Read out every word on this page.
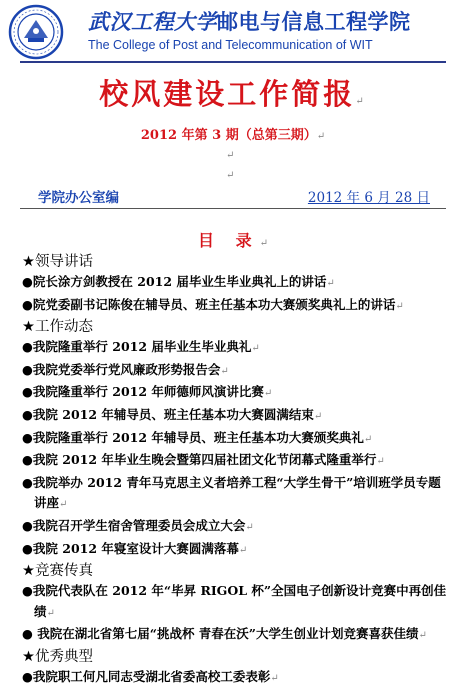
武汉工程大学邮电与信息工程学院
The College of Post and Telecommunication of WIT
校风建设工作简报↵
2012 年第 3 期（总第三期）↵
↵
↵
学院办公室编	2012 年 6 月 28 日
目 录↵
★领导讲话
●院长涂方剑教授在 2012 届毕业生毕业典礼上的讲话↵
●院党委副书记陈俊在辅导员、班主任基本功大赛颁奖典礼上的讲话↵
★工作动态
●我院隆重举行 2012 届毕业生毕业典礼↵
●我院党委举行党风廉政形势报告会↵
●我院隆重举行 2012 年师德师风演讲比赛↵
●我院 2012 年辅导员、班主任基本功大赛圆满结束↵
●我院隆重举行 2012 年辅导员、班主任基本功大赛颁奖典礼↵
●我院 2012 年毕业生晚会暨第四届社团文化节闭幕式隆重举行↵
●我院举办 2012 青年马克思主义者培养工程“大学生骨干”培训班学员专题讲座↵
●我院召开学生宿舍管理委员会成立大会↵
●我院 2012 年寝室设计大赛圆满落幕↵
★竞赛传真
●我院代表队在 2012 年“毕昇 RIGOL 杯”全国电子创新设计竞赛中再创佳绩↵
● 我院在湖北省第七届“挑战杯 青春在沃”大学生创业计划竞赛喜获佳绩↵
★优秀典型
●我院职工何凡同志受湖北省委高校工委表彰↵
